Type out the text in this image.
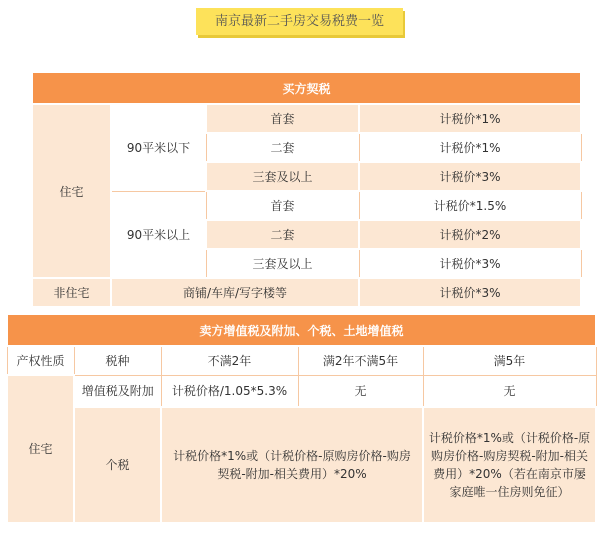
南京最新二手房交易税费一览
买方契税			
住宅	90平米以下	首套	计税价*1%
		二套	计税价*1%
		三套及以上	计税价*3%
	90平米以上	首套	计税价*1.5%
		二套	计税价*2%
		三套及以上	计税价*3%
非住宅	商铺/车库/写字楼等		计税价*3%
卖方增值税及附加、个税、土地增值税				
产权性质	税种	不满2年	满2年不满5年	满5年
住宅	增值税及附加	计税价格/1.05*5.3%	无	无
	个税	计税价格*1%或（计税价格-原购房价格-购房契税-附加-相关费用）*20%		计税价格*1%或（计税价格-原购房价格-购房契税-附加-相关费用）*20%（若在南京市屡家庭唯一住房则免征）
